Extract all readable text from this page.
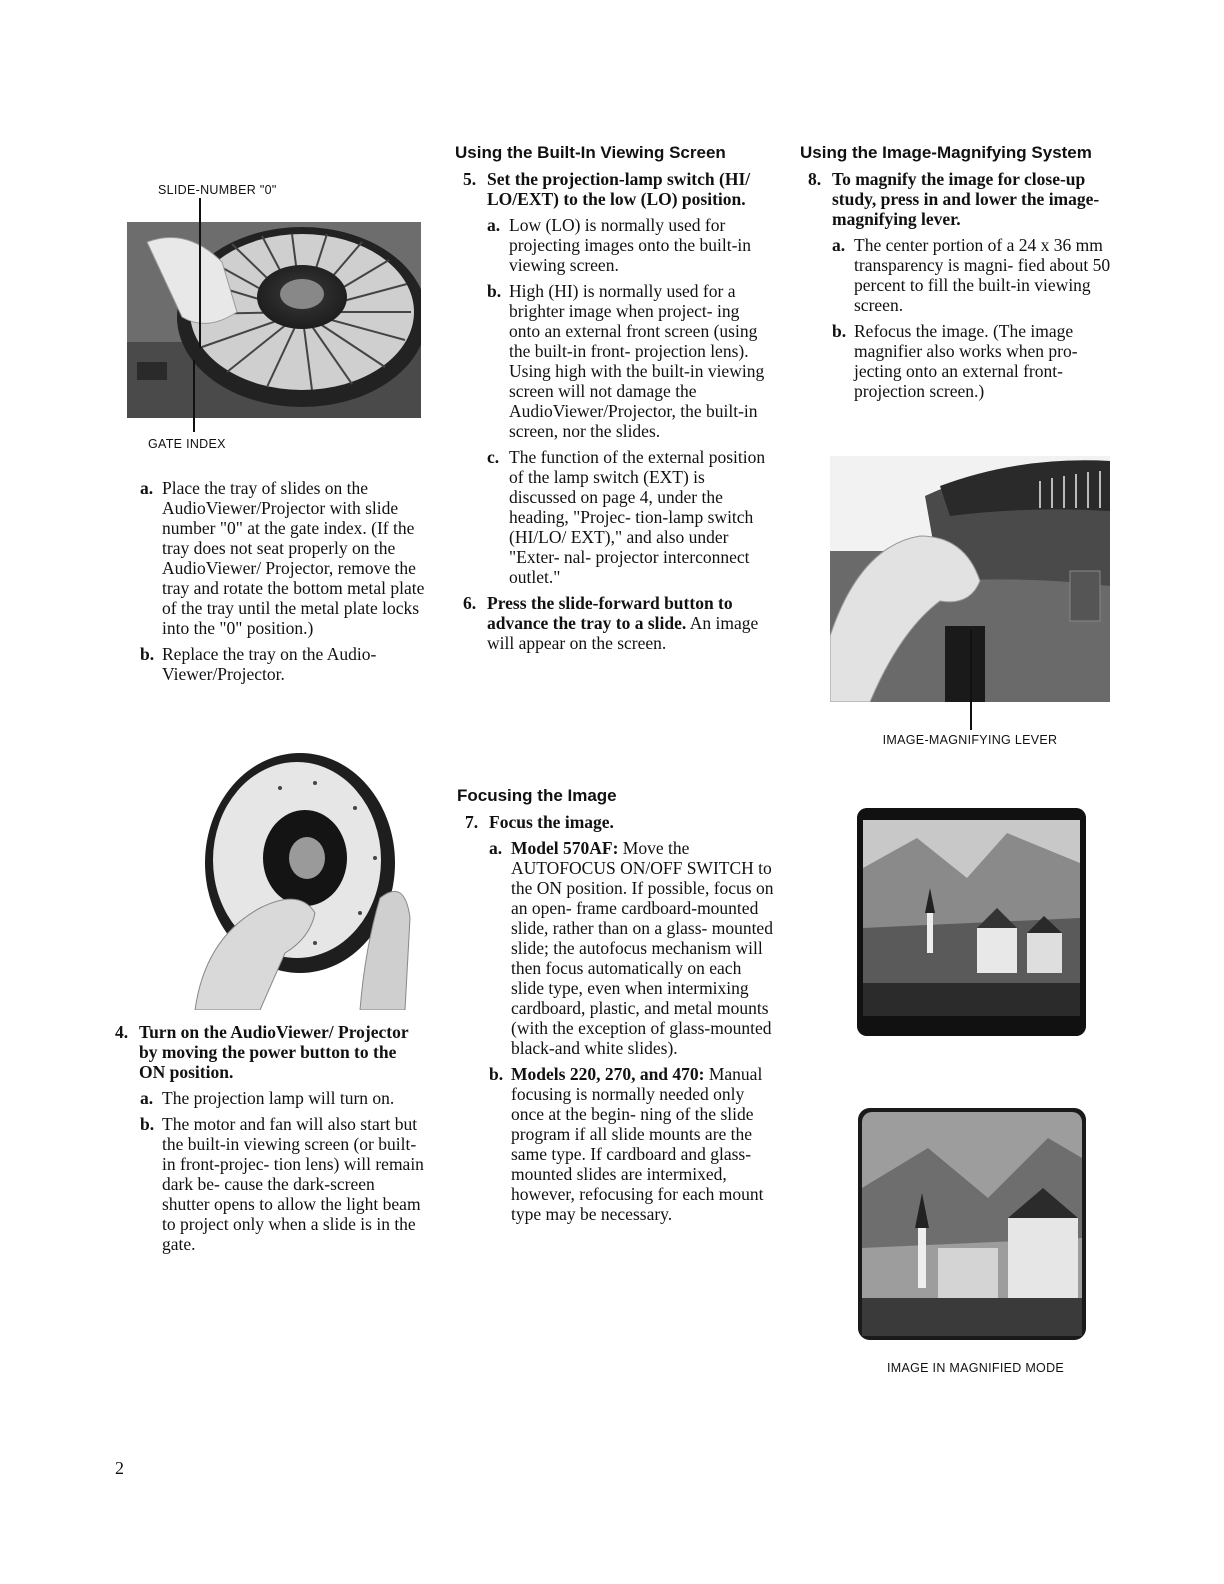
SLIDE-NUMBER "0"
GATE INDEX
a. Place the tray of slides on the AudioViewer/Projector with slide number "0" at the gate index. (If the tray does not seat properly on the AudioViewer/ Projector, remove the tray and rotate the bottom metal plate of the tray until the metal plate locks into the "0" position.)
b. Replace the tray on the Audio- Viewer/Projector.
4. Turn on the AudioViewer/ Projector by moving the power button to the ON position.
a. The projection lamp will turn on.
b. The motor and fan will also start but the built-in viewing screen (or built-in front-projec- tion lens) will remain dark be- cause the dark-screen shutter opens to allow the light beam to project only when a slide is in the gate.
Using the Built-In Viewing Screen
5. Set the projection-lamp switch (HI/ LO/EXT) to the low (LO) position.
a. Low (LO) is normally used for projecting images onto the built-in viewing screen.
b. High (HI) is normally used for a brighter image when project- ing onto an external front screen (using the built-in front- projection lens). Using high with the built-in viewing screen will not damage the AudioViewer/Projector, the built-in screen, nor the slides.
c. The function of the external position of the lamp switch (EXT) is discussed on page 4, under the heading, "Projec- tion-lamp switch (HI/LO/ EXT)," and also under "Exter- nal- projector interconnect outlet."
6. Press the slide-forward button to advance the tray to a slide. An image will appear on the screen.
Focusing the Image
7. Focus the image.
a. Model 570AF: Move the AUTOFOCUS ON/OFF SWITCH to the ON position. If possible, focus on an open- frame cardboard-mounted slide, rather than on a glass- mounted slide; the autofocus mechanism will then focus automatically on each slide type, even when intermixing cardboard, plastic, and metal mounts (with the exception of glass-mounted black-and white slides).
b. Models 220, 270, and 470: Manual focusing is normally needed only once at the begin- ning of the slide program if all slide mounts are the same type. If cardboard and glass-mounted slides are intermixed, however, refocusing for each mount type may be necessary.
Using the Image-Magnifying System
8. To magnify the image for close-up study, press in and lower the image-magnifying lever.
a. The center portion of a 24 x 36 mm transparency is magni- fied about 50 percent to fill the built-in viewing screen.
b. Refocus the image. (The image magnifier also works when pro- jecting onto an external front- projection screen.)
IMAGE-MAGNIFYING LEVER
IMAGE IN MAGNIFIED MODE
2
